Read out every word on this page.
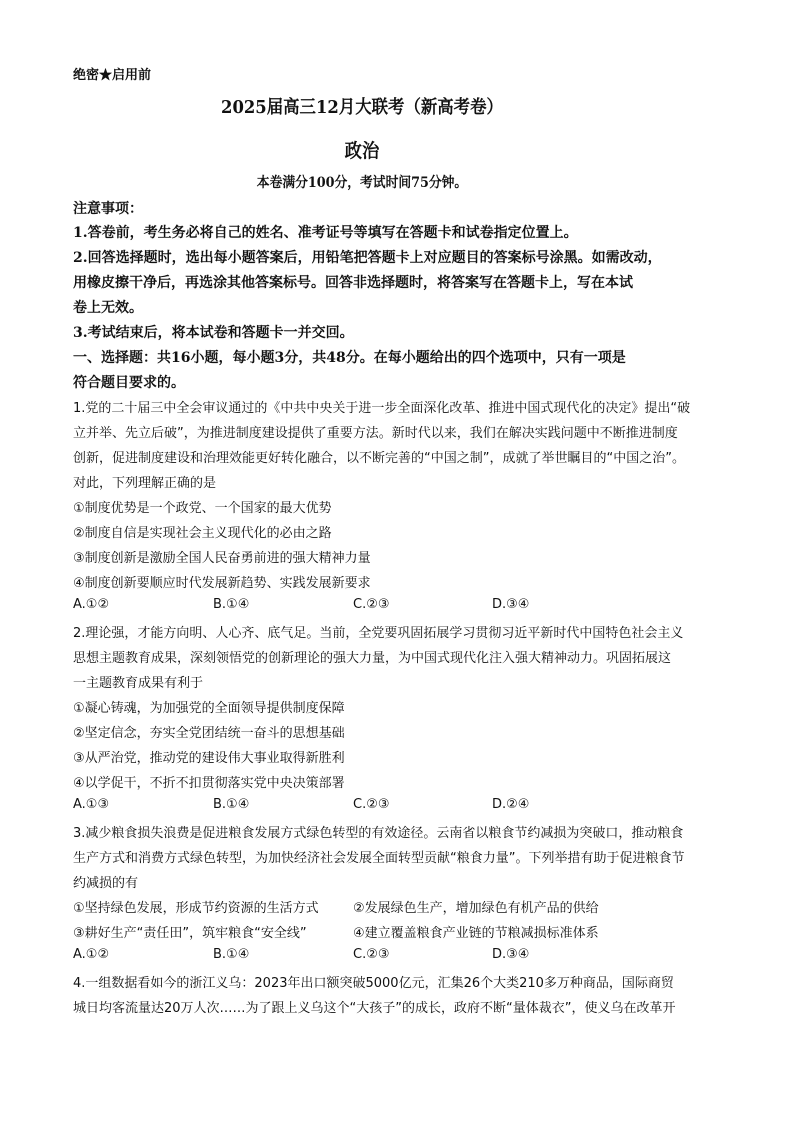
绝密★启用前
2025届高三12月大联考（新高考卷）
政治
本卷满分100分，考试时间75分钟。
注意事项：
1.答卷前，考生务必将自己的姓名、准考证号等填写在答题卡和试卷指定位置上。
2.回答选择题时，选出每小题答案后，用铅笔把答题卡上对应题目的答案标号涂黑。如需改动，
用橡皮擦干净后，再选涂其他答案标号。回答非选择题时，将答案写在答题卡上，写在本试
卷上无效。
3.考试结束后，将本试卷和答题卡一并交回。
一、选择题：共16小题，每小题3分，共48分。在每小题给出的四个选项中，只有一项是
符合题目要求的。
1.党的二十届三中全会审议通过的《中共中央关于进一步全面深化改革、推进中国式现代化的决定》提出“破
立并举、先立后破”，为推进制度建设提供了重要方法。新时代以来，我们在解决实践问题中不断推进制度
创新，促进制度建设和治理效能更好转化融合，以不断完善的“中国之制”，成就了举世瞩目的“中国之治”。
对此，下列理解正确的是
①制度优势是一个政党、一个国家的最大优势
②制度自信是实现社会主义现代化的必由之路
③制度创新是激励全国人民奋勇前进的强大精神力量
④制度创新要顺应时代发展新趋势、实践发展新要求
A.①②	B.①④	C.②③	D.③④
2.理论强，才能方向明、人心齐、底气足。当前，全党要巩固拓展学习贯彻习近平新时代中国特色社会主义
思想主题教育成果，深刻领悟党的创新理论的强大力量，为中国式现代化注入强大精神动力。巩固拓展这
一主题教育成果有利于
①凝心铸魂，为加强党的全面领导提供制度保障
②坚定信念，夯实全党团结统一奋斗的思想基础
③从严治党，推动党的建设伟大事业取得新胜利
④以学促干，不折不扣贯彻落实党中央决策部署
A.①③	B.①④	C.②③	D.②④
3.减少粮食损失浪费是促进粮食发展方式绿色转型的有效途径。云南省以粮食节约减损为突破口，推动粮食
生产方式和消费方式绿色转型，为加快经济社会发展全面转型贡献“粮食力量”。下列举措有助于促进粮食节
约减损的有
①坚持绿色发展，形成节约资源的生活方式	②发展绿色生产，增加绿色有机产品的供给
③耕好生产“责任田”，筑牢粮食“安全线”	④建立覆盖粮食产业链的节粮减损标准体系
A.①②	B.①④	C.②③	D.③④
4.一组数据看如今的浙江义乌：2023年出口额突破5000亿元，汇集26个大类210多万种商品，国际商贸
城日均客流量达20万人次……为了跟上义乌这个“大孩子”的成长，政府不断“量体裁衣”，使义乌在改革开
